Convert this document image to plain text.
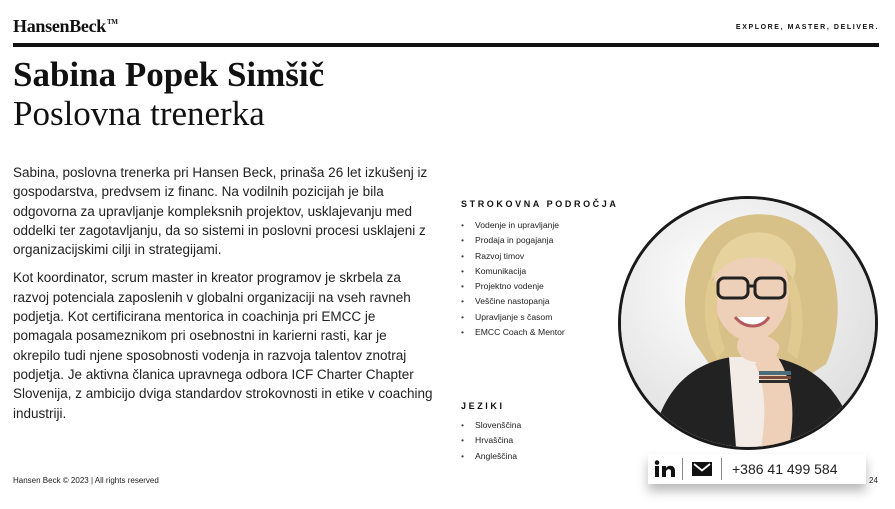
HansenBeck™
EXPLORE, MASTER, DELIVER.
Sabina Popek Simšič
Poslovna trenerka

Sabina, poslovna trenerka pri Hansen Beck, prinaša 26 let izkušenj iz gospodarstva, predvsem iz financ. Na vodilnih pozicijah je bila odgovorna za upravljanje kompleksnih projektov, usklajevanju med oddelki ter zagotavljanju, da so sistemi in poslovni procesi usklajeni z organizacijskimi cilji in strategijami.

Kot koordinator, scrum master in kreator programov je skrbela za razvoj potenciala zaposlenih v globalni organizaciji na vseh ravneh podjetja. Kot certificirana mentorica in coachinja pri EMCC je pomagala posameznikom pri osebnostni in karierni rasti, kar je okrepilo tudi njene sposobnosti vodenja in razvoja talentov znotraj podjetja. Je aktivna članica upravnega odbora ICF Charter Chapter Slovenija, z ambicijo dviga standardov strokovnosti in etike v coaching industriji.

STROKOVNA PODROČJA
• Vodenje in upravljanje
• Prodaja in pogajanja
• Razvoj timov
• Komunikacija
• Projektno vodenje
• Veščine nastopanja
• Upravljanje s časom
• EMCC Coach & Mentor
JEZIKI
• Slovenščina
• Hrvaščina
• Angleščina
+386 41 499 584
Hansen Beck © 2023 | All rights reserved	24
